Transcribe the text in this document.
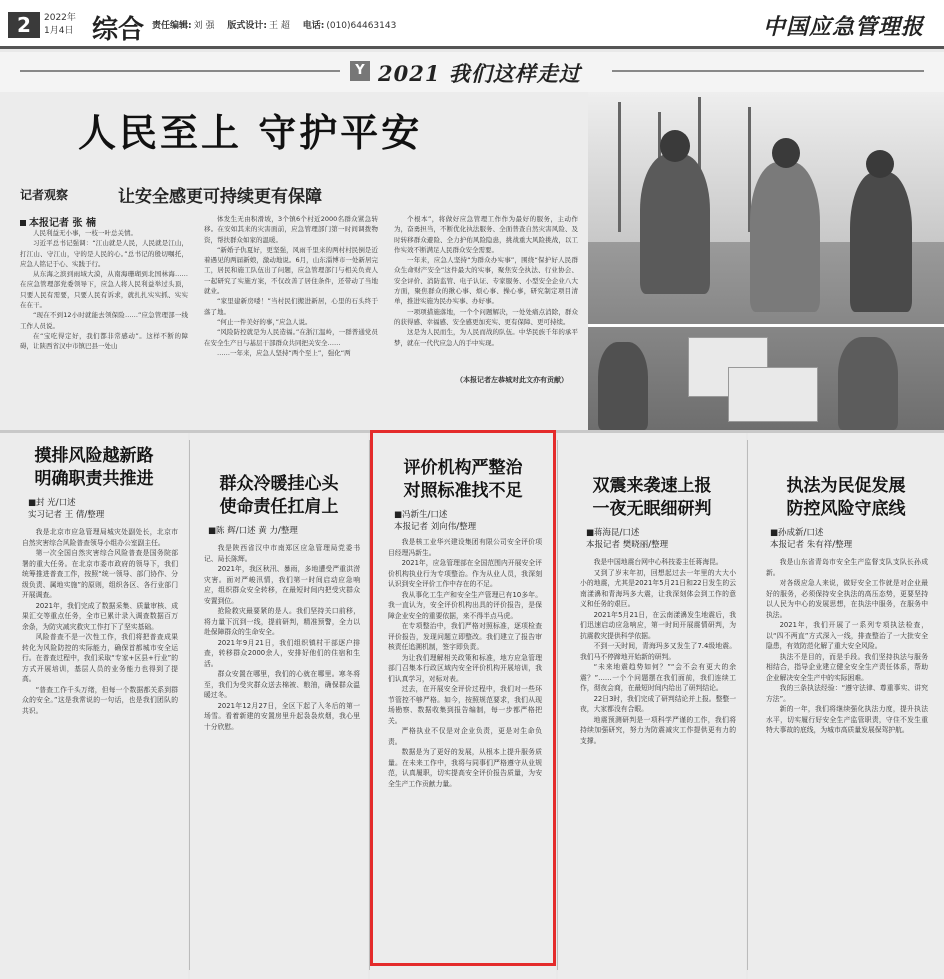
2	2022年
1月4日 综合 责任编辑: 刘 强 版式设计: 王 超 电话: (010)64463143	中国应急管理报
Y 2021 我们这样走过
人民至上 守护平安
记者观察	让安全感更可持续更有保障
本报记者 张 楠

人民利益无小事，一枝一叶总关情。

习近平总书记强调：“江山就是人民，人民就是江山，打江山、守江山，守的是人民的心。”总书记的殷切嘱托，应急人铭记于心、实践于行。

从东海之滨到雨域大漠，从南海珊瑚到北国林海……在应急管理部党委领导下，应急人将人民利益举过头顶，只要人民有需要，只要人民有诉求，就扎扎实实抓、实实在在干。

“现在不到12小时就能去领保险……”应急管理部一线工作人员说。

在“宝吃得定好，我们都非常感动”。这样不断的障碍，让陕西省汉中市镇巴县一处山

体发生无由积滑坡，3个镇6个村近2000名群众紧急转移。在安如其来的灾害面前，应急管理部门第一时间调拨物资，帮扶群众如家的温暖。

“新婚子仇夏好，更坚强，风雨千里来的两村村民倒是近着遇见的两届新娘，激动地说。6月，山东淄博市一处新居完工，居民和施工队伍出了问题，应急管理部门与相关负责人一起研究了实施方案，不仅改善了居住条件，还带动了当地就业。

“家里建新房喽！”当村民们搬进新居，心里的石头终于落了地。

“何止一件美好的事，”应急人说。

“风险防控就是为人民造福。”在浙江温岭，一群普通党员在安全生产日与基层干部群众共同把关安全……

……一年来，应急人坚持“两个至上”，强化“两

个根本”，将做好应急管理工作作为最好的服务，主动作为，奋勇担当，不断优化执法服务、全面普查自然灾害风险、及时转移群众避险、全力护佑风险隐患，挑战重大风险挑战，以工作实效不断满足人民群众安全需要。

一年来，应急人坚持“为群众办实事”，围绕“保护好人民群众生命财产安全”这件最大的实事，聚焦安全执法、行业协会、安全评价、消防监管、电子认证、专家服务、小型安全企业八大方面，聚焦群众的揪心事、烦心事、操心事，研究制定项目清单，推进实施为民办实事、办好事。

一项项措施落地，一个个问题解决，一处处痛点消除，群众的获得感、幸福感、安全感更加充实、更有保障、更可持续。

这是为人民而生，为人民而战的队伍。中华民族千年的承平梦，就在一代代应急人的手中实现。

（本报记者左恭城对此文亦有贡献）
摸排风险越新路
明确职责共推进
■封 光/口述
实习记者 王 倩/整理

我是北京市应急管理局城灾处副处长，北京市自然灾害综合风险普查领导小组办公室副主任。

第一次全国自然灾害综合风险普查是国务院部署的重大任务。在北京市委市政府的领导下，我们统筹推进普查工作，按照“统一领导、部门协作、分级负责、属地实施”的原则，组织各区、各行业部门开展调查。

2021年，我们完成了数据采集、质量审核、成果汇交等重点任务，全市已累计录入调查数据百万余条，为防灾减灾救灾工作打下了坚实基础。

风险普查不是一次性工作，我们将把普查成果转化为风险防控的实际能力，确保首都城市安全运行。在普查过程中，我们采取“专家+区县+行业”的方式开展培训，基层人员的业务能力也得到了提高。

“普查工作千头万绪，但每一个数据都关系到群众的安全。”这是我常说的一句话，也是我们团队的共识。

群众冷暖挂心头
使命责任扛肩上
■陈 辉/口述 黄 力/整理

我是陕西省汉中市南郑区应急管理局党委书记、局长陈辉。

2021年，我区秋汛、暴雨，多地遭受严重洪涝灾害。面对严峻汛情，我们第一时间启动应急响应，组织群众安全转移，在最短时间内把受灾群众安置到位。

抢险救灾最要紧的是人。我们坚持关口前移，将力量下沉到一线，提前研判，精准预警，全力以赴保障群众的生命安全。

2021年9月21日，我们组织镇村干部逐户排查，转移群众2000余人，安排好他们的住宿和生活。

群众安置在哪里，我们的心就在哪里。寒冬将至，我们为受灾群众送去棉被、粮油，确保群众温暖过冬。

2021年12月27日，全区下起了入冬后的第一场雪。看着新建的安置房里升起袅袅炊烟，我心里十分欣慰。

评价机构严整治
对照标准找不足
■冯新生/口述
本报记者 刘向伟/整理

我是核工业华兴建设集团有限公司安全评价项目经理冯新生。

2021年，应急管理部在全国范围内开展安全评价机构执业行为专项整治。作为从业人员，我深刻认识到安全评价工作中存在的不足。

我从事化工生产和安全生产管理已有10多年。我一直认为，安全评价机构出具的评价报告，是保障企业安全的重要依据，来不得半点马虎。

在专项整治中，我们严格对照标准，逐项检查评价报告，发现问题立即整改。我们建立了报告审核责任追溯机制，签字即负责。

为让我们理解相关政策和标准，地方应急管理部门召集本行政区域内安全评价机构开展培训，我们认真学习，对标对表。

过去，在开展安全评价过程中，我们对一些环节管控不够严格。如今，按照规范要求，我们从现场勘察、数据收集到报告编制，每一步都严格把关。

严格执业不仅是对企业负责，更是对生命负责。

数据是为了更好的发展，从根本上提升服务质量。在未来工作中，我将与同事们严格遵守从业规范，认真履职，切实提高安全评价报告质量，为安全生产工作贡献力量。

双震来袭速上报
一夜无眠细研判
■蒋海昆/口述
本报记者 樊晓丽/整理

我是中国地震台网中心科技委主任蒋海昆。

又到了岁末年初，回想起过去一年里的大大小小的地震，尤其是2021年5月21日和22日发生的云南漾濞和青海玛多大震，让我深刻体会到工作的意义和任务的艰巨。

2021年5月21日，在云南漾濞发生地震后，我们迅速启动应急响应，第一时间开展震情研判，为抗震救灾提供科学依据。

不到一天时间，青海玛多又发生了7.4级地震。我们马不停蹄地开始新的研判。

“未来地震趋势如何？”“会不会有更大的余震？”……一个个问题摆在我们面前，我们连续工作，彻夜会商，在最短时间内给出了研判结论。

22日3时，我们完成了研判结论并上报。整整一夜，大家都没有合眼。

地震预测研判是一项科学严谨的工作，我们将持续加强研究，努力为防震减灾工作提供更有力的支撑。

执法为民促发展
防控风险守底线
■孙成新/口述
本报记者 朱有祥/整理

我是山东省青岛市安全生产监督支队支队长孙成新。

对各级应急人来说，做好安全工作就是对企业最好的服务，必须保持安全执法的高压态势，更要坚持以人民为中心的发展思想，在执法中服务，在服务中执法。

2021年，我们开展了一系列专项执法检查，以“四不两直”方式深入一线，排查整治了一大批安全隐患，有效防范化解了重大安全风险。

执法不是目的，而是手段。我们坚持执法与服务相结合，指导企业建立健全安全生产责任体系，帮助企业解决安全生产中的实际困难。

我的三条执法经验：“遵守法律、尊重事实、讲究方法”。

新的一年，我们将继续强化执法力度，提升执法水平，切实履行好安全生产监管职责，守住不发生重特大事故的底线，为城市高质量发展保驾护航。
